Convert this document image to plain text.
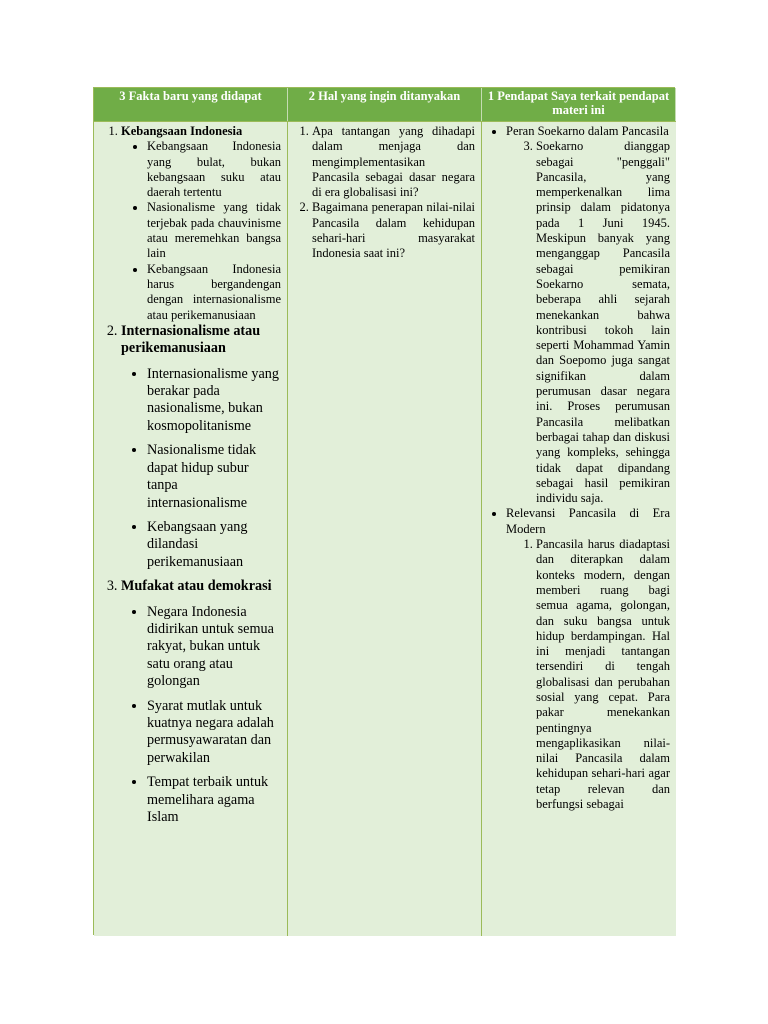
3 Fakta baru yang didapat	2 Hal yang ingin ditanyakan	1 Pendapat Saya terkait pendapat materi ini
1. Kebangsaan Indonesia
• Kebangsaan Indonesia yang bulat, bukan kebangsaan suku atau daerah tertentu
• Nasionalisme yang tidak terjebak pada chauvinisme atau meremehkan bangsa lain
• Kebangsaan Indonesia harus bergandengan dengan internasionalisme atau perikemanusiaan
2. Internasionalisme atau perikemanusiaan
• Internasionalisme yang berakar pada nasionalisme, bukan kosmopolitanisme
• Nasionalisme tidak dapat hidup subur tanpa internasionalisme
• Kebangsaan yang dilandasi perikemanusiaan
3. Mufakat atau demokrasi
• Negara Indonesia didirikan untuk semua rakyat, bukan untuk satu orang atau golongan
• Syarat mutlak untuk kuatnya negara adalah permusyawaratan dan perwakilan
• Tempat terbaik untuk memelihara agama Islam
1. Apa tantangan yang dihadapi dalam menjaga dan mengimplementasikan Pancasila sebagai dasar negara di era globalisasi ini?
2. Bagaimana penerapan nilai-nilai Pancasila dalam kehidupan sehari-hari masyarakat Indonesia saat ini?
• Peran Soekarno dalam Pancasila
3. Soekarno dianggap sebagai "penggali" Pancasila, yang memperkenalkan lima prinsip dalam pidatonya pada 1 Juni 1945. Meskipun banyak yang menganggap Pancasila sebagai pemikiran Soekarno semata, beberapa ahli sejarah menekankan bahwa kontribusi tokoh lain seperti Mohammad Yamin dan Soepomo juga sangat signifikan dalam perumusan dasar negara ini. Proses perumusan Pancasila melibatkan berbagai tahap dan diskusi yang kompleks, sehingga tidak dapat dipandang sebagai hasil pemikiran individu saja.
• Relevansi Pancasila di Era Modern
1. Pancasila harus diadaptasi dan diterapkan dalam konteks modern, dengan memberi ruang bagi semua agama, golongan, dan suku bangsa untuk hidup berdampingan. Hal ini menjadi tantangan tersendiri di tengah globalisasi dan perubahan sosial yang cepat. Para pakar menekankan pentingnya mengaplikasikan nilai-nilai Pancasila dalam kehidupan sehari-hari agar tetap relevan dan berfungsi sebagai
